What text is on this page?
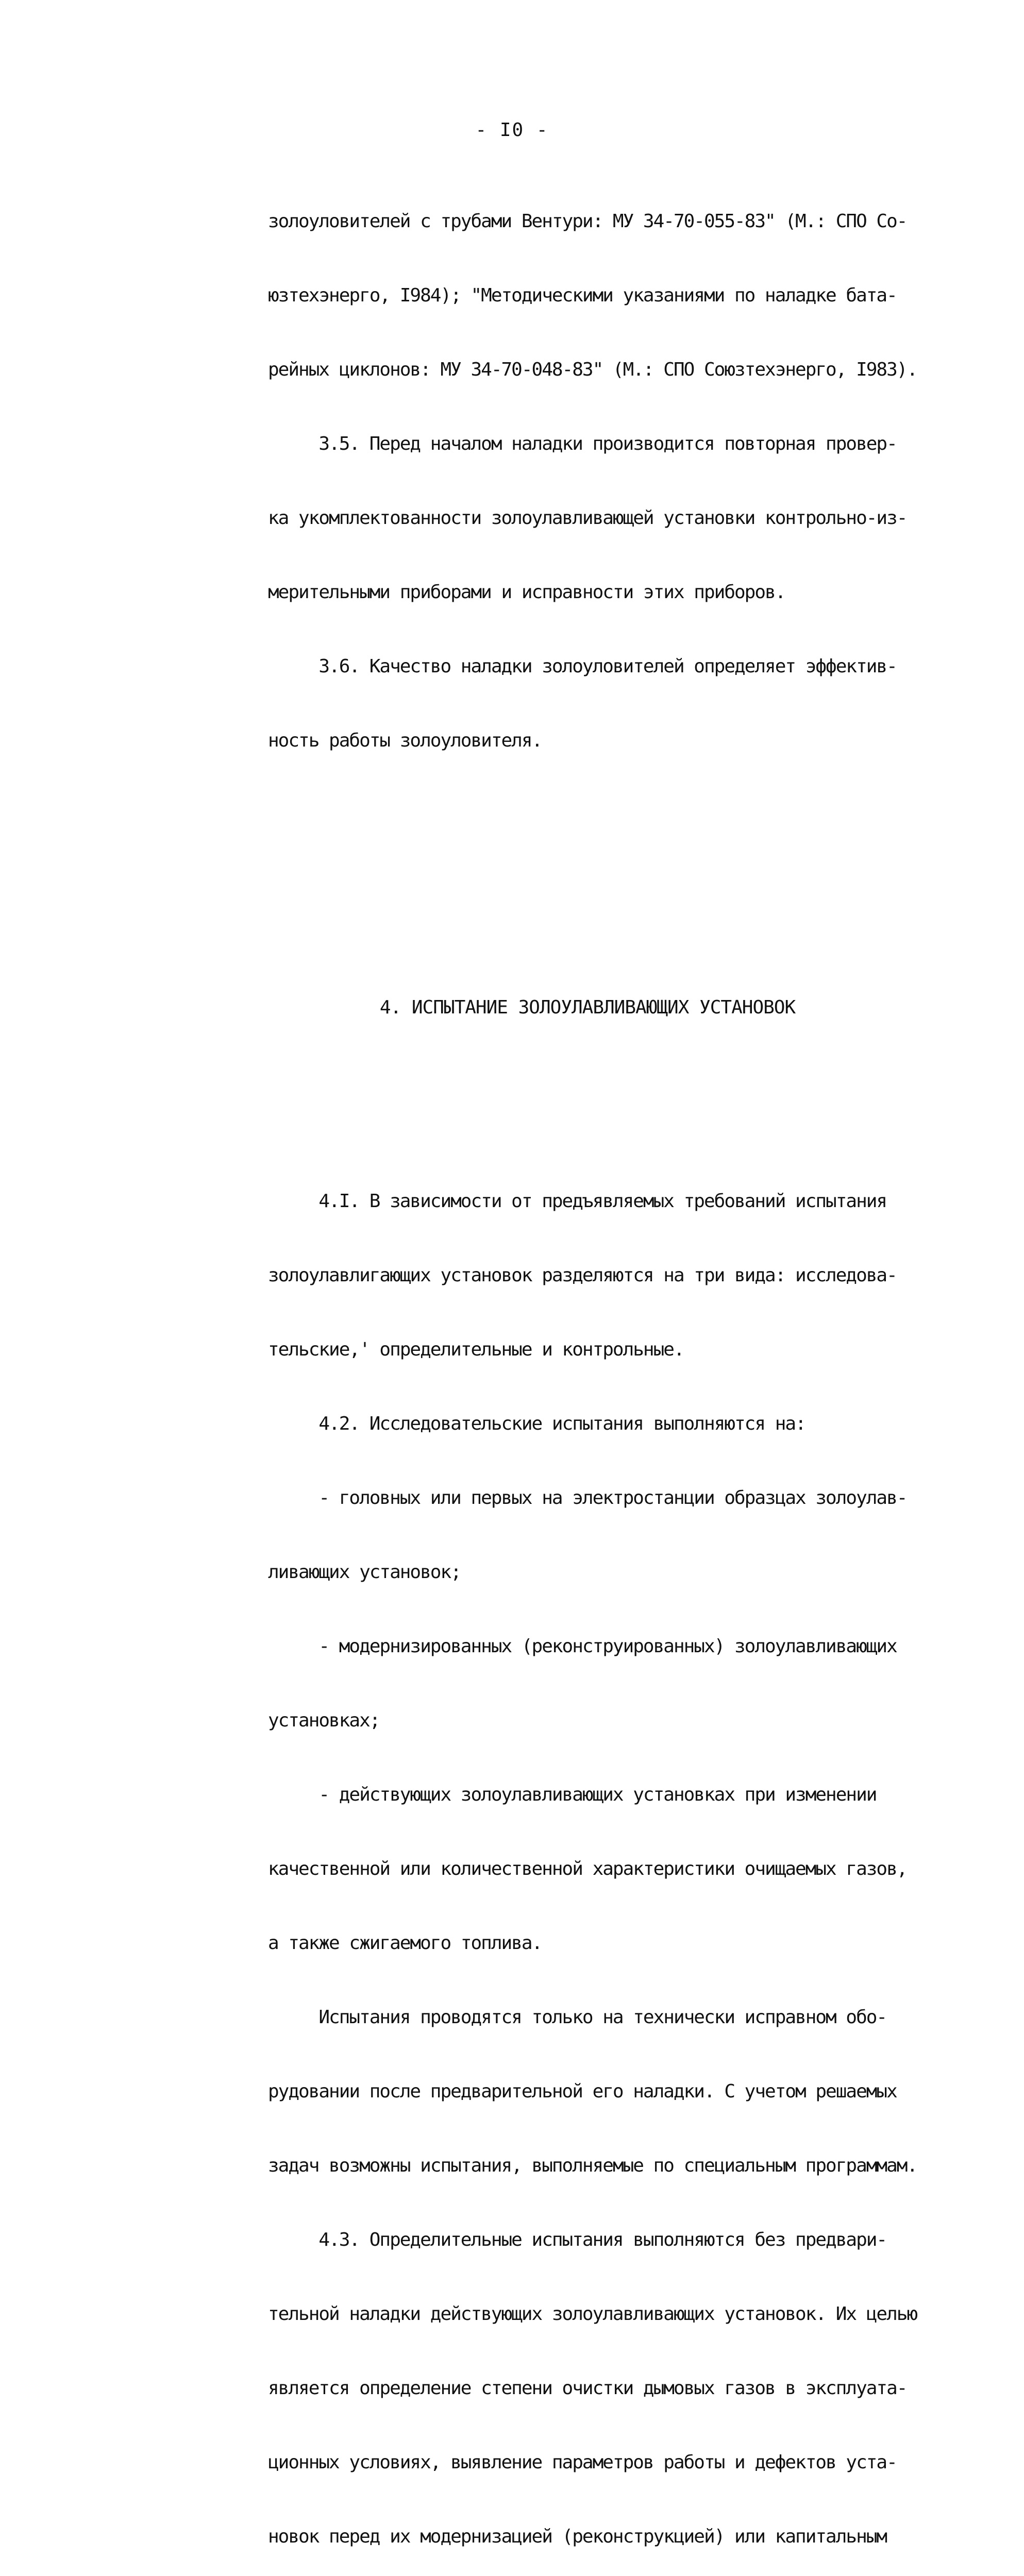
- I0 -

золоуловителей с трубами Вентури: МУ 34-70-055-83" (М.: СПО Со-

юзтехэнерго, I984); "Методическими указаниями по наладке бата-

рейных циклонов: МУ 34-70-048-83" (М.: СПО Союзтехэнерго, I983).

3.5. Перед началом наладки производится повторная провер-

ка укомплектованности золоулавливающей установки контрольно-из-

мерительными приборами и исправности этих приборов.

3.6. Качество наладки золоуловителей определяет эффектив-

ность работы золоуловителя.

4. ИСПЫТАНИЕ ЗОЛОУЛАВЛИВАЮЩИХ УСТАНОВОК

4.I. В зависимости от предъявляемых требований испытания

золоулавлигающих установок разделяются на три вида: исследова-

тельские,' определительные и контрольные.

4.2. Исследовательские испытания выполняются на:

- головных или первых на электростанции образцах золоулав-

ливающих установок;

- модернизированных (реконструированных) золоулавливающих

установках;

- действующих золоулавливающих установках при изменении

качественной или количественной характеристики очищаемых газов,

а также сжигаемого топлива.

Испытания проводятся только на технически исправном обо-

рудовании после предварительной его наладки. С учетом решаемых

задач возможны испытания, выполняемые по специальным программам.

4.3. Определительные испытания выполняются без предвари-

тельной наладки действующих золоулавливающих установок. Их целью

является определение степени очистки дымовых газов в эксплуата-

ционных условиях, выявление параметров работы и дефектов уста-

новок перед их модернизацией (реконструкцией) или капитальным
